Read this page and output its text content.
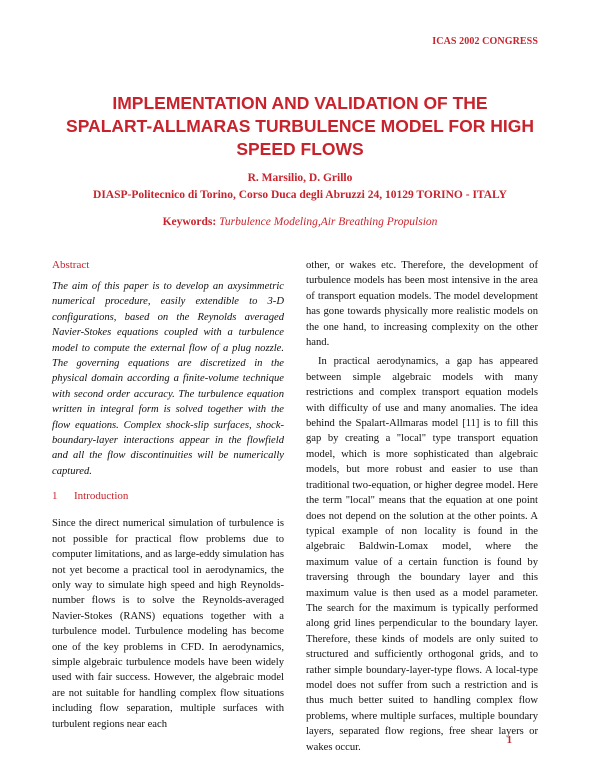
ICAS 2002 CONGRESS
IMPLEMENTATION AND VALIDATION OF THE
SPALART-ALLMARAS TURBULENCE MODEL FOR HIGH
SPEED FLOWS
R. Marsilio, D. Grillo
DIASP-Politecnico di Torino, Corso Duca degli Abruzzi 24, 10129 TORINO - ITALY
Keywords: Turbulence Modeling,Air Breathing Propulsion
Abstract

The aim of this paper is to develop an axysimmetric numerical procedure, easily extendible to 3-D configurations, based on the Reynolds averaged Navier-Stokes equations coupled with a turbulence model to compute the external flow of a plug nozzle. The governing equations are discretized in the physical domain according a finite-volume technique with second order accuracy. The turbulence equation written in integral form is solved together with the flow equations. Complex shock-slip surfaces, shock-boundary-layer interactions appear in the flowfield and all the flow discontinuities will be numerically captured.

1 Introduction

Since the direct numerical simulation of turbulence is not possible for practical flow problems due to computer limitations, and as large-eddy simulation has not yet become a practical tool in aerodynamics, the only way to simulate high speed and high Reynolds-number flows is to solve the Reynolds-averaged Navier-Stokes (RANS) equations together with a turbulence model. Turbulence modeling has become one of the key problems in CFD. In aerodynamics, simple algebraic turbulence models have been widely used with fair success. However, the algebraic model are not suitable for handling complex flow situations including flow separation, multiple surfaces with turbulent regions near each

other, or wakes etc. Therefore, the development of turbulence models has been most intensive in the area of transport equation models. The model development has gone towards physically more realistic models on the one hand, to increasing complexity on the other hand.

In practical aerodynamics, a gap has appeared between simple algebraic models with many restrictions and complex transport equation models with difficulty of use and many anomalies. The idea behind the Spalart-Allmaras model [11] is to fill this gap by creating a "local" type transport equation model, which is more sophisticated than algebraic models, but more robust and easier to use than traditional two-equation, or higher degree model. Here the term "local" means that the equation at one point does not depend on the solution at the other points. A typical example of non locality is found in the algebraic Baldwin-Lomax model, where the maximum value of a certain function is found by traversing through the boundary layer and this maximum value is then used as a model parameter. The search for the maximum is typically performed along grid lines perpendicular to the boundary layer. Therefore, these kinds of models are only suited to structured and sufficiently orthogonal grids, and to rather simple boundary-layer-type flows. A local-type model does not suffer from such a restriction and is thus much better suited to handling complex flow problems, where multiple surfaces, multiple boundary layers, separated flow regions, free shear layers or wakes occur.

1
